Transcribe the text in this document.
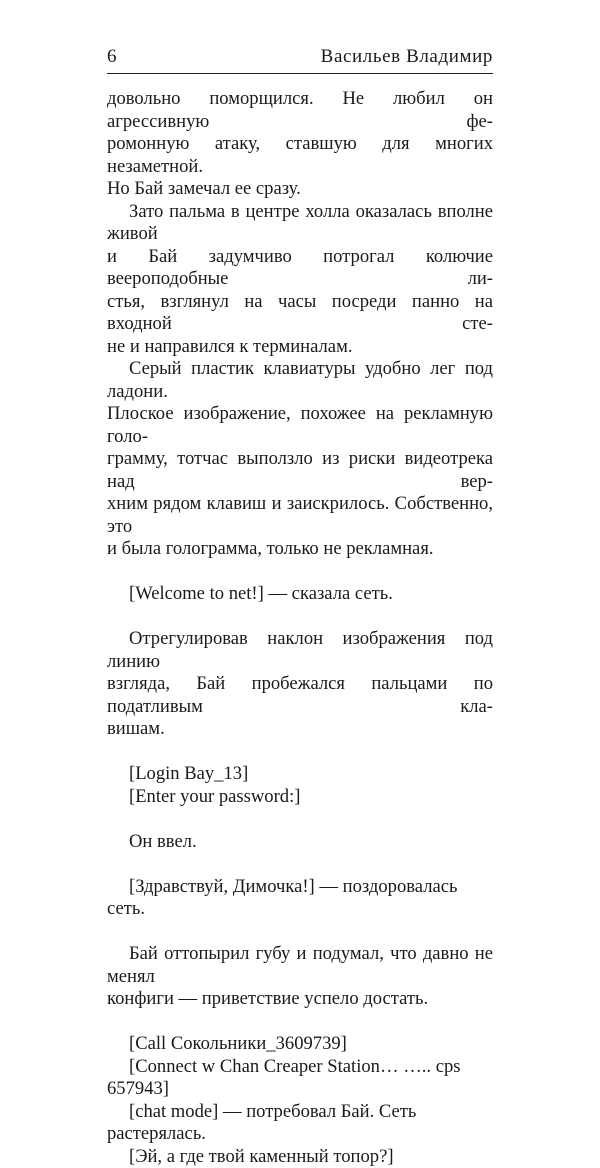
6	Васильев Владимир
довольно поморщился. Не любил он агрессивную фе-
ромонную атаку, ставшую для многих незаметной.
Но Бай замечал ее сразу.
Зато пальма в центре холла оказалась вполне живой
и Бай задумчиво потрогал колючие веероподобные ли-
стья, взглянул на часы посреди панно на входной сте-
не и направился к терминалам.
Серый пластик клавиатуры удобно лег под ладони.
Плоское изображение, похожее на рекламную голо-
грамму, тотчас выползло из риски видеотрека над вер-
хним рядом клавиш и заискрилось. Собственно, это
и была голограмма, только не рекламная.
[Welcome to net!] — сказала сеть.
Отрегулировав наклон изображения под линию
взгляда, Бай пробежался пальцами по податливым кла-
вишам.
[Login Bay_13]
[Enter your password:]
Он ввел.
[Здравствуй, Димочка!] — поздоровалась сеть.
Бай оттопырил губу и подумал, что давно не менял
конфиги — приветствие успело достать.
[Call Сокольники_3609739]
[Connect w Chan Creaper Station… ….. cps 657943]
[chat mode] — потребовал Бай. Сеть растерялась.
[Эй, а где твой каменный топор?]
